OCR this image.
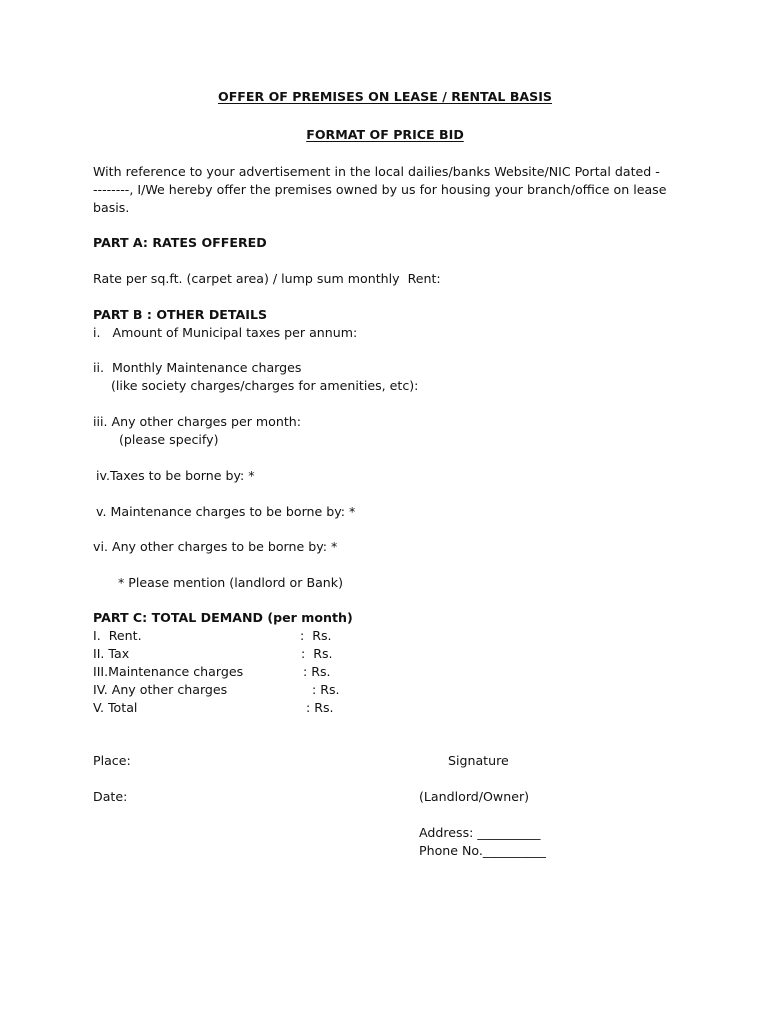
OFFER OF PREMISES ON LEASE / RENTAL BASIS
FORMAT OF PRICE BID
With reference to your advertisement in the local dailies/banks Website/NIC Portal dated -
--------, I/We hereby offer the premises owned by us for housing your branch/office on lease
basis.
PART A: RATES OFFERED
Rate per sq.ft. (carpet area) / lump sum monthly  Rent:
PART B : OTHER DETAILS
i.   Amount of Municipal taxes per annum:
ii.  Monthly Maintenance charges
(like society charges/charges for amenities, etc):
iii. Any other charges per month:
(please specify)
iv.Taxes to be borne by: *
v. Maintenance charges to be borne by: *
vi. Any other charges to be borne by: *
* Please mention (landlord or Bank)
PART C: TOTAL DEMAND (per month)
I.  Rent.	:  Rs.
II. Tax	:  Rs.
III.Maintenance charges	: Rs.
IV. Any other charges	: Rs.
V. Total	: Rs.
Place:	Signature
Date:	(Landlord/Owner)
Address: __________
Phone No.__________
